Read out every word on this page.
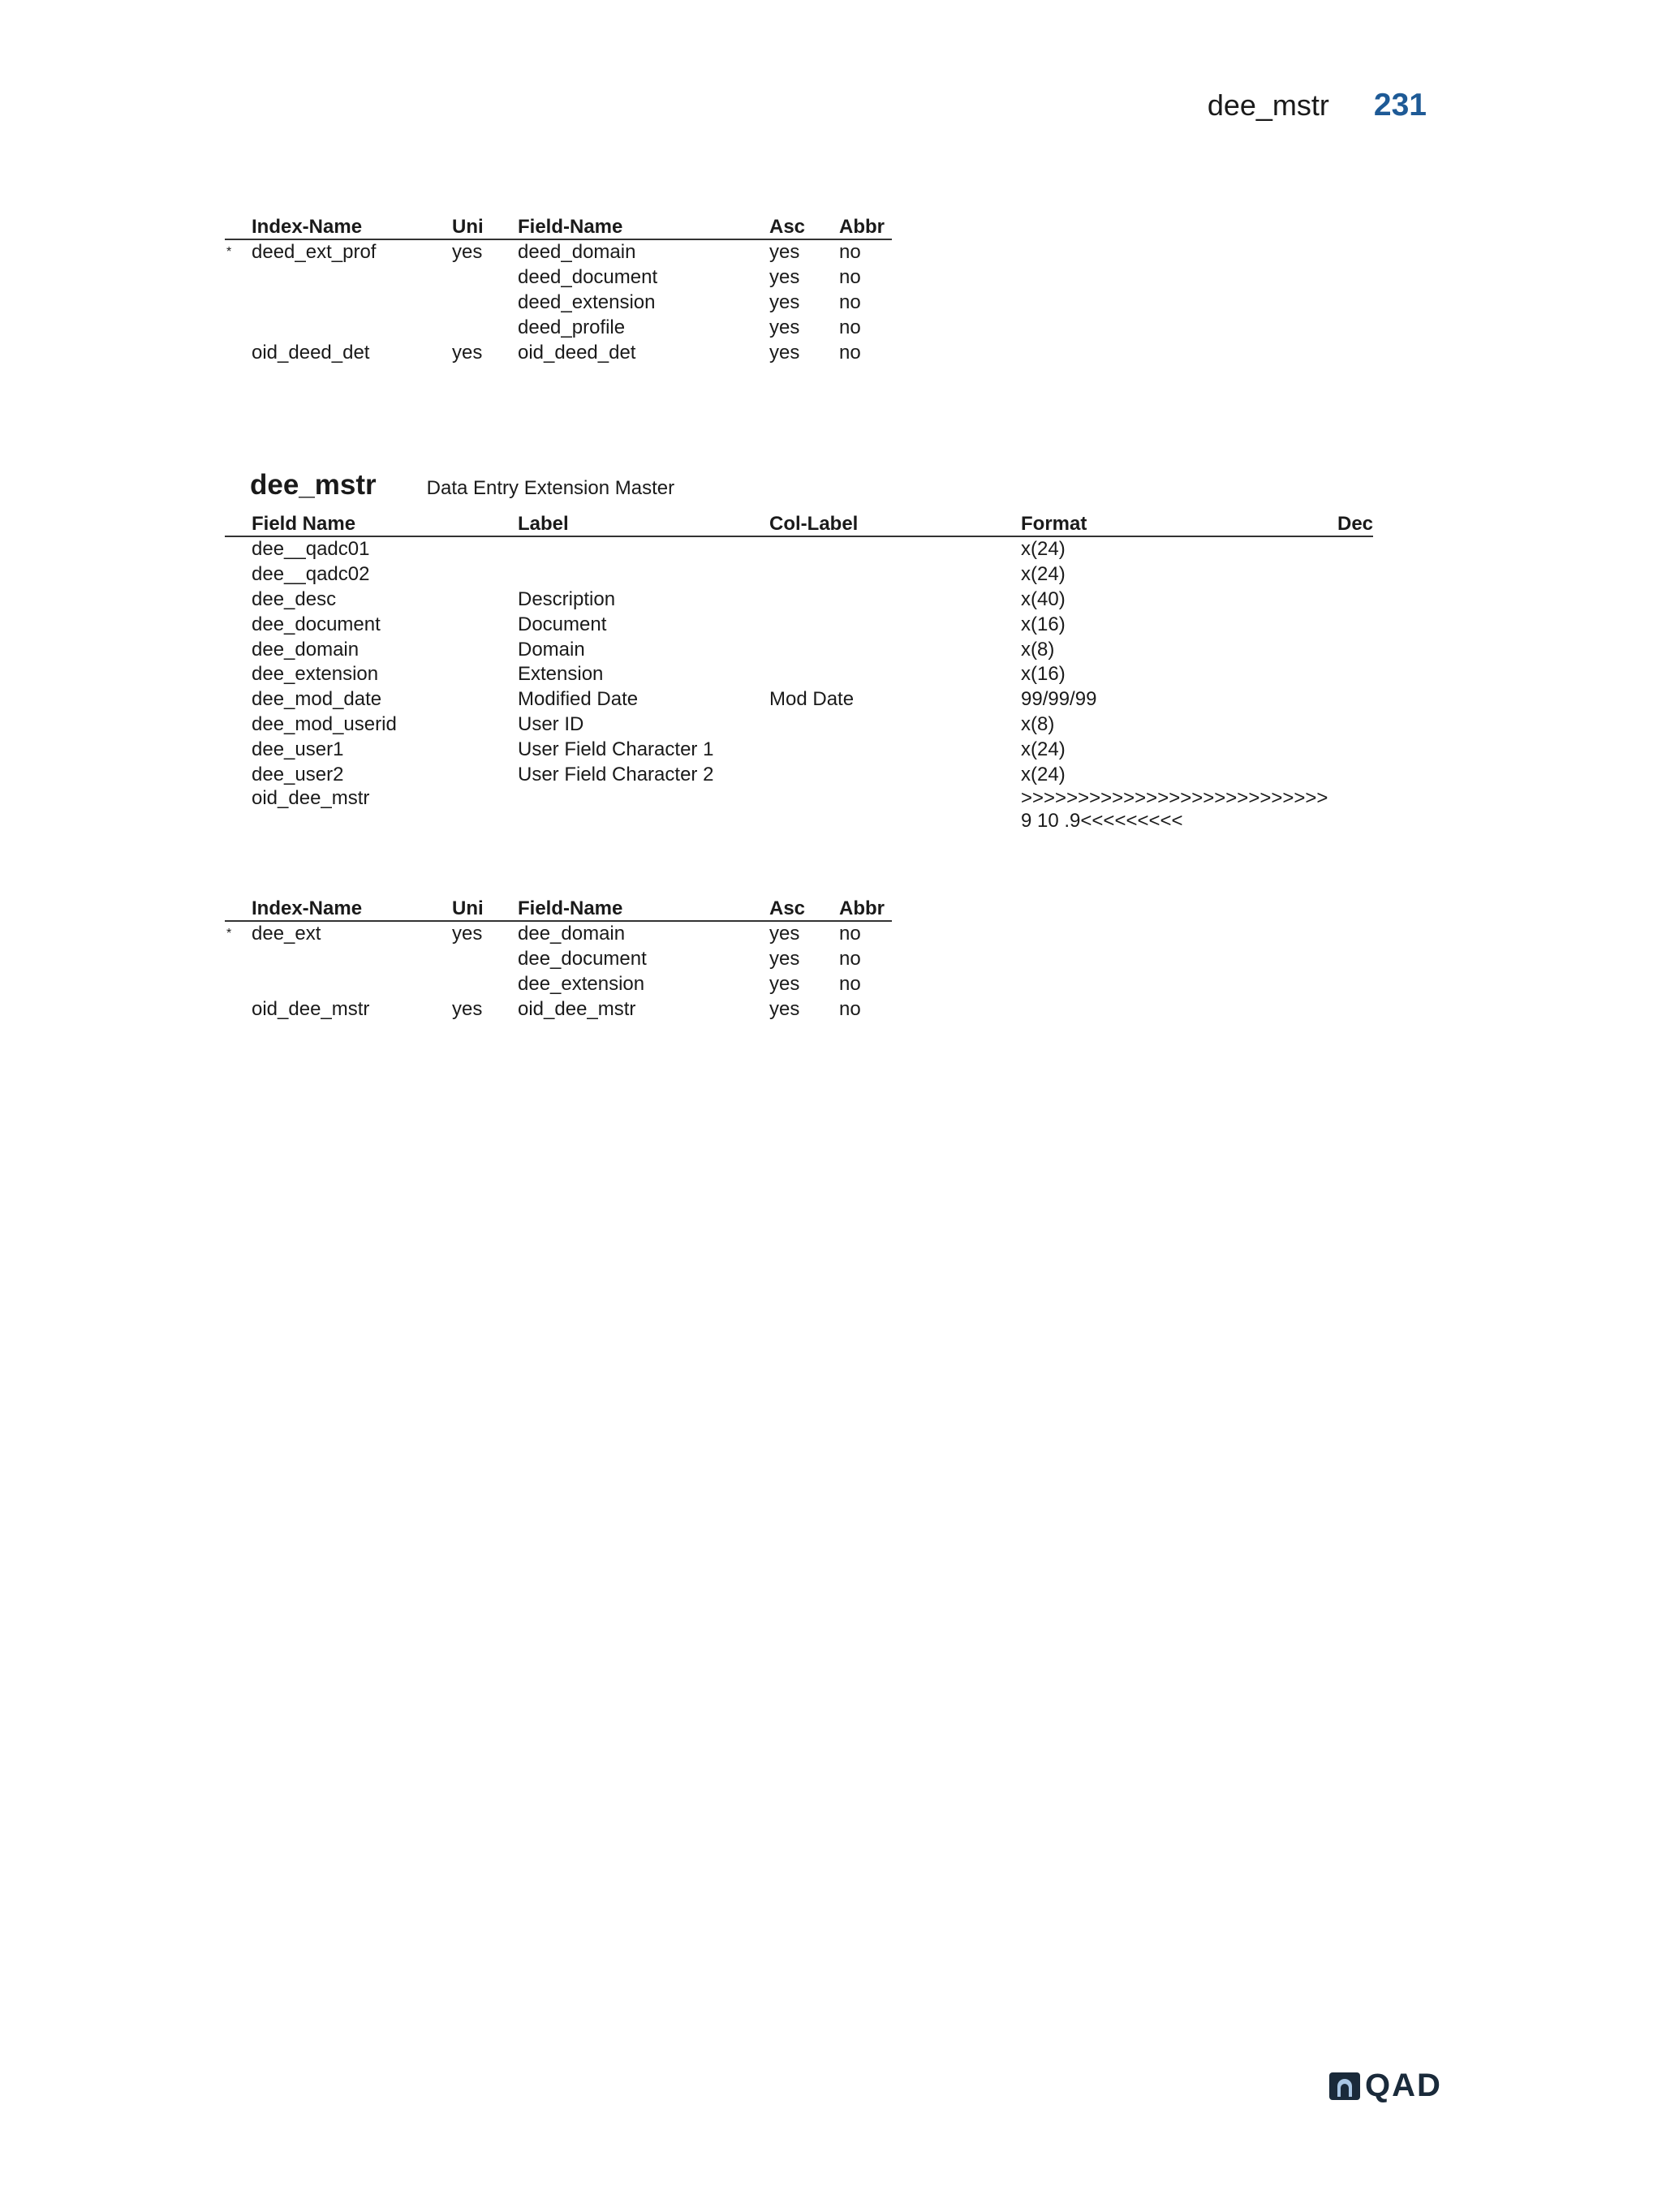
dee_mstr 231
	Index-Name	Uni	Field-Name	Asc	Abbr
*	deed_ext_prof	yes	deed_domain	yes	no
			deed_document	yes	no
			deed_extension	yes	no
			deed_profile	yes	no
	oid_deed_det	yes	oid_deed_det	yes	no
dee_mstr	Data Entry Extension Master
	Field Name	Label	Col-Label	Format	Dec
	dee__qadc01			x(24)	
	dee__qadc02			x(24)	
	dee_desc	Description		x(40)	
	dee_document	Document		x(16)	
	dee_domain	Domain		x(8)	
	dee_extension	Extension		x(16)	
	dee_mod_date	Modified Date	Mod Date	99/99/99	
	dee_mod_userid	User ID		x(8)	
	dee_user1	User Field Character 1		x(24)	
	dee_user2	User Field Character 2		x(24)	
	oid_dee_mstr			>>>>>>>>>>>>>>>>>>>>>>>>>>>9 10 .9<<<<<<<<<	
	Index-Name	Uni	Field-Name	Asc	Abbr
*	dee_ext	yes	dee_domain	yes	no
			dee_document	yes	no
			dee_extension	yes	no
	oid_dee_mstr	yes	oid_dee_mstr	yes	no
QAD
